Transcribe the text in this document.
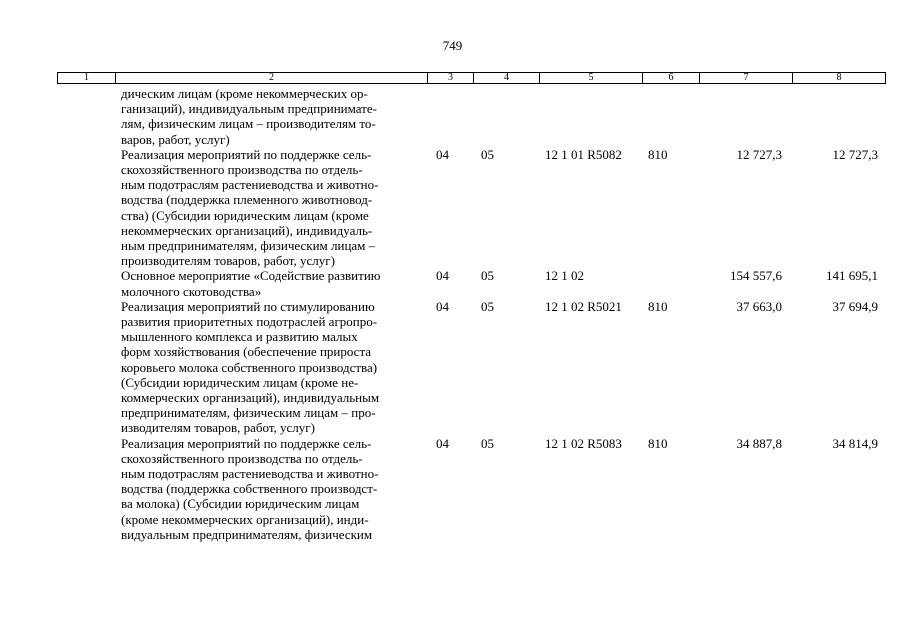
749
1	2	3	4	5	6	7	8
дическим лицам (кроме некоммерческих ор-
ганизаций), индивидуальным предпринимате-
лям, физическим лицам – производителям то-
варов, работ, услуг)
Реализация мероприятий по поддержке сель-
скохозяйственного производства по отдель-
ным подотраслям растениеводства и животно-
водства (поддержка племенного животновод-
ства) (Субсидии юридическим лицам (кроме
некоммерческих организаций), индивидуаль-
ным предпринимателям, физическим лицам –
производителям товаров, работ, услуг)
04 05	12 1 01 R5082 810	12 727,3	12 727,3
Основное мероприятие «Содействие развитию
молочного скотоводства»
04 05	12 1 02	154 557,6	141 695,1
Реализация мероприятий по стимулированию
развития приоритетных подотраслей агропро-
мышленного комплекса и развитию малых
форм хозяйствования (обеспечение прироста
коровьего молока собственного производства)
(Субсидии юридическим лицам (кроме не-
коммерческих организаций), индивидуальным
предпринимателям, физическим лицам – про-
изводителям товаров, работ, услуг)
04 05	12 1 02 R5021 810	37 663,0	37 694,9
Реализация мероприятий по поддержке сель-
скохозяйственного производства по отдель-
ным подотраслям растениеводства и животно-
водства (поддержка собственного производст-
ва молока) (Субсидии юридическим лицам
(кроме некоммерческих организаций), инди-
видуальным предпринимателям, физическим
04 05	12 1 02 R5083 810	34 887,8	34 814,9
